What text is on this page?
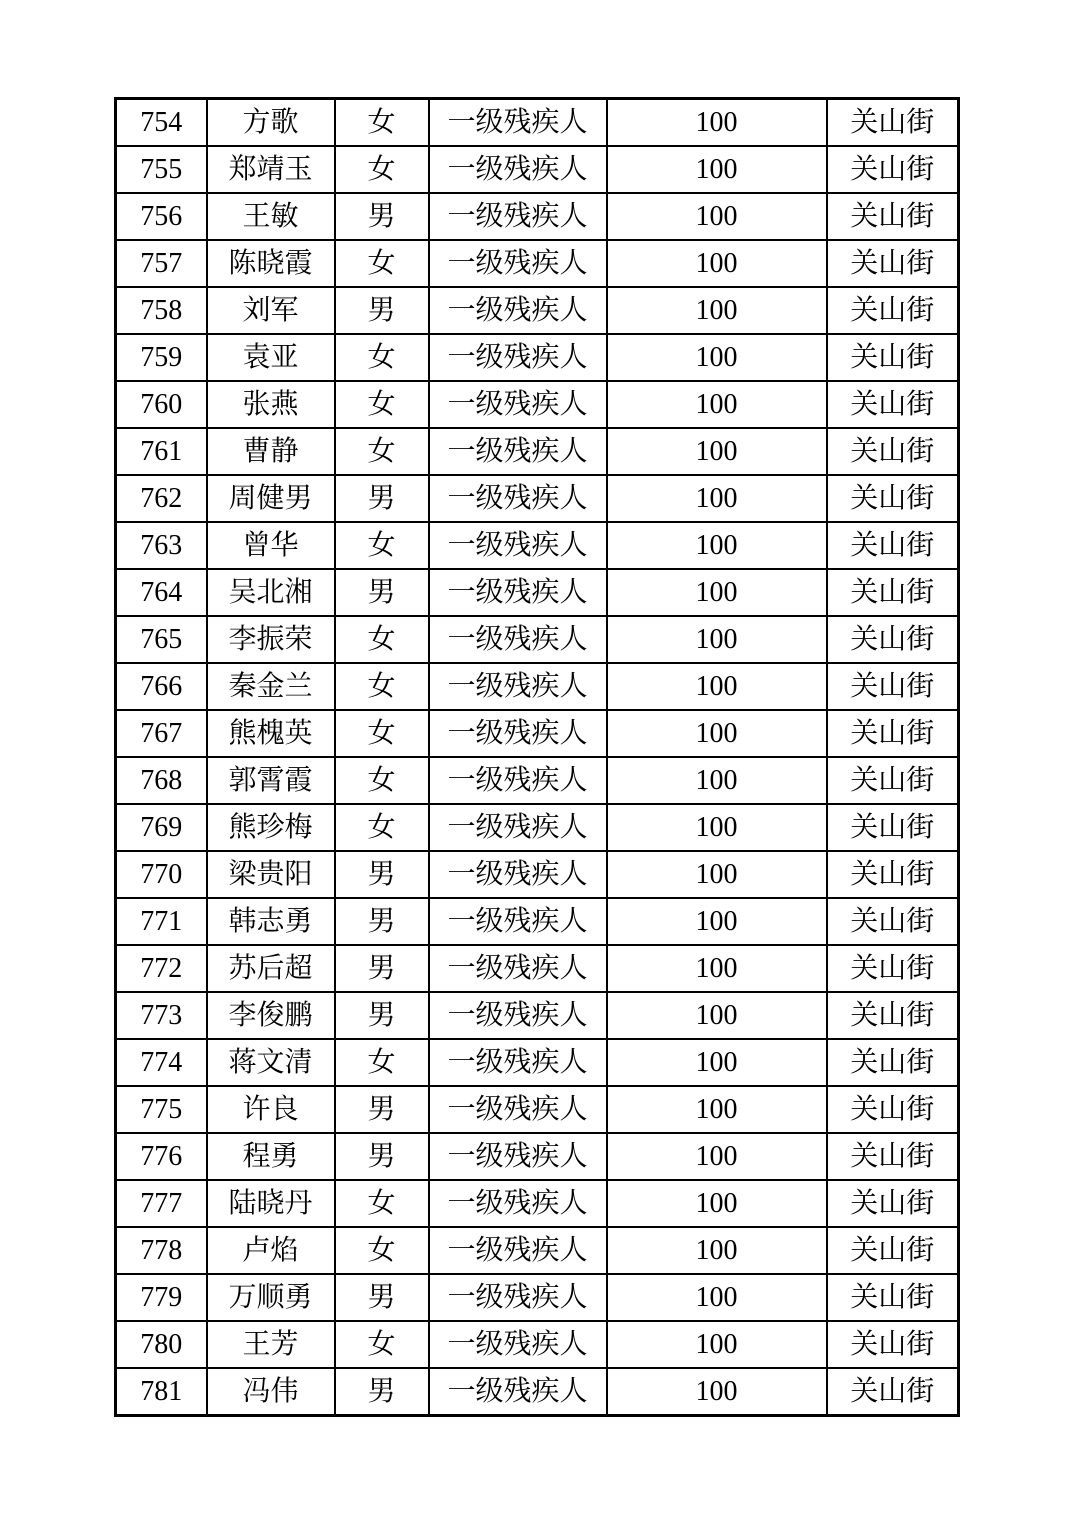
754	方歌	女	一级残疾人	100	关山街
755	郑靖玉	女	一级残疾人	100	关山街
756	王敏	男	一级残疾人	100	关山街
757	陈晓霞	女	一级残疾人	100	关山街
758	刘军	男	一级残疾人	100	关山街
759	袁亚	女	一级残疾人	100	关山街
760	张燕	女	一级残疾人	100	关山街
761	曹静	女	一级残疾人	100	关山街
762	周健男	男	一级残疾人	100	关山街
763	曾华	女	一级残疾人	100	关山街
764	吴北湘	男	一级残疾人	100	关山街
765	李振荣	女	一级残疾人	100	关山街
766	秦金兰	女	一级残疾人	100	关山街
767	熊槐英	女	一级残疾人	100	关山街
768	郭霄霞	女	一级残疾人	100	关山街
769	熊珍梅	女	一级残疾人	100	关山街
770	梁贵阳	男	一级残疾人	100	关山街
771	韩志勇	男	一级残疾人	100	关山街
772	苏后超	男	一级残疾人	100	关山街
773	李俊鹏	男	一级残疾人	100	关山街
774	蒋文清	女	一级残疾人	100	关山街
775	许良	男	一级残疾人	100	关山街
776	程勇	男	一级残疾人	100	关山街
777	陆晓丹	女	一级残疾人	100	关山街
778	卢焰	女	一级残疾人	100	关山街
779	万顺勇	男	一级残疾人	100	关山街
780	王芳	女	一级残疾人	100	关山街
781	冯伟	男	一级残疾人	100	关山街
